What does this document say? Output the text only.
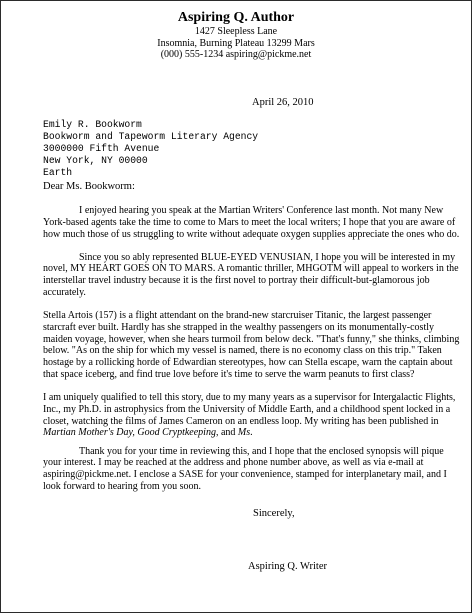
Aspiring Q. Author
1427 Sleepless Lane
Insomnia, Burning Plateau 13299 Mars
(000) 555-1234 aspiring@pickme.net
April 26, 2010
Emily R. Bookworm
Bookworm and Tapeworm Literary Agency
3000000 Fifth Avenue
New York, NY 00000
Earth
Dear Ms. Bookworm:

I enjoyed hearing you speak at the Martian Writers' Conference last month. Not many New York-based agents take the time to come to Mars to meet the local writers; I hope that you are aware of how much those of us struggling to write without adequate oxygen supplies appreciate the ones who do.

Since you so ably represented BLUE-EYED VENUSIAN, I hope you will be interested in my novel, MY HEART GOES ON TO MARS. A romantic thriller, MHGOTM will appeal to workers in the interstellar travel industry because it is the first novel to portray their difficult-but-glamorous job accurately.

Stella Artois (157) is a flight attendant on the brand-new starcruiser Titanic, the largest passenger starcraft ever built. Hardly has she strapped in the wealthy passengers on its monumentally-costly maiden voyage, however, when she hears turmoil from below deck. "That's funny," she thinks, climbing below. "As on the ship for which my vessel is named, there is no economy class on this trip." Taken hostage by a rollicking horde of Edwardian stereotypes, how can Stella escape, warn the captain about that space iceberg, and find true love before it's time to serve the warm peanuts to first class?

I am uniquely qualified to tell this story, due to my many years as a supervisor for Intergalactic Flights, Inc., my Ph.D. in astrophysics from the University of Middle Earth, and a childhood spent locked in a closet, watching the films of James Cameron on an endless loop. My writing has been published in Martian Mother's Day, Good Cryptkeeping, and Ms.

Thank you for your time in reviewing this, and I hope that the enclosed synopsis will pique your interest. I may be reached at the address and phone number above, as well as via e-mail at aspiring@pickme.net. I enclose a SASE for your convenience, stamped for interplanetary mail, and I look forward to hearing from you soon.

Sincerely,
Aspiring Q. Writer
